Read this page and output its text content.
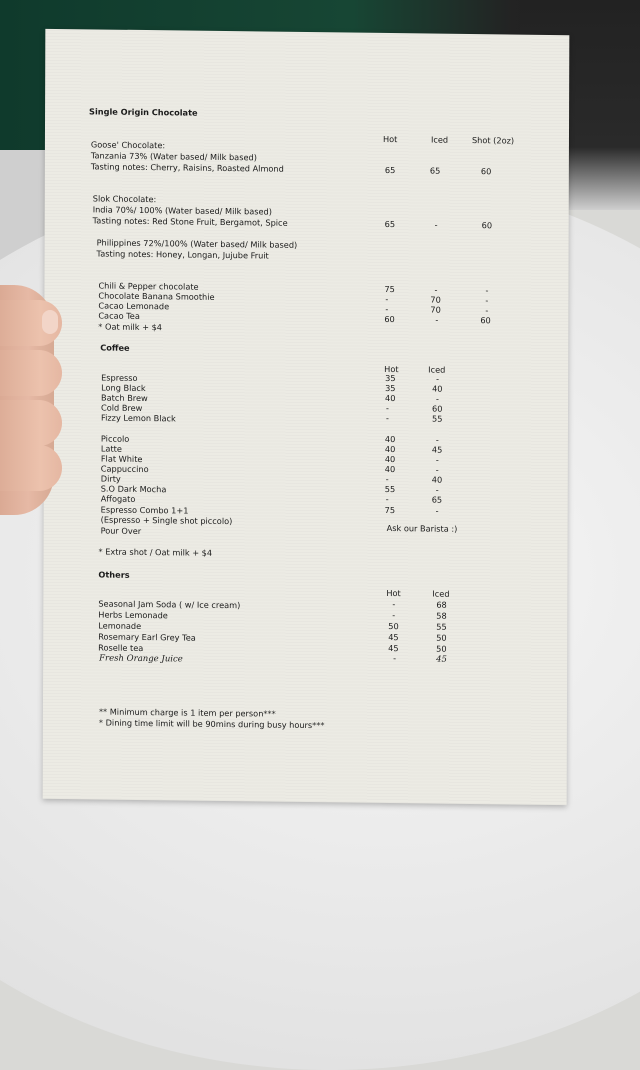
Single Origin Chocolate
Hot	Iced	Shot (2oz)
Goose' Chocolate:
Tanzania 73% (Water based/ Milk based)
Tasting notes: Cherry, Raisins, Roasted Almond	65	65	60
Slok Chocolate:
India 70%/ 100% (Water based/ Milk based)
Tasting notes: Red Stone Fruit, Bergamot, Spice	65	-	60
Philippines 72%/100% (Water based/ Milk based)
Tasting notes: Honey, Longan, Jujube Fruit
Chili & Pepper chocolate	75	-	-
Chocolate Banana Smoothie	-	70	-
Cacao Lemonade	-	70	-
Cacao Tea	60	-	60
* Oat milk + $4
Coffee
Hot	Iced
Espresso	35	-
Long Black	35	40
Batch Brew	40	-
Cold Brew	-	60
Fizzy Lemon Black	-	55
Piccolo	40	-
Latte	40	45
Flat White	40	-
Cappuccino	40	-
Dirty	-	40
S.O Dark Mocha	55	-
Affogato	-	65
Espresso Combo 1+1	75	-
(Espresso + Single shot piccolo)
Pour Over	Ask our Barista :)
* Extra shot / Oat milk + $4
Others
Hot	Iced
Seasonal Jam Soda ( w/ Ice cream)	-	68
Herbs Lemonade	-	58
Lemonade	50	55
Rosemary Earl Grey Tea	45	50
Roselle tea	45	50
Fresh Orange Juice	-	45
** Minimum charge is 1 item per person***
* Dining time limit will be 90mins during busy hours***
